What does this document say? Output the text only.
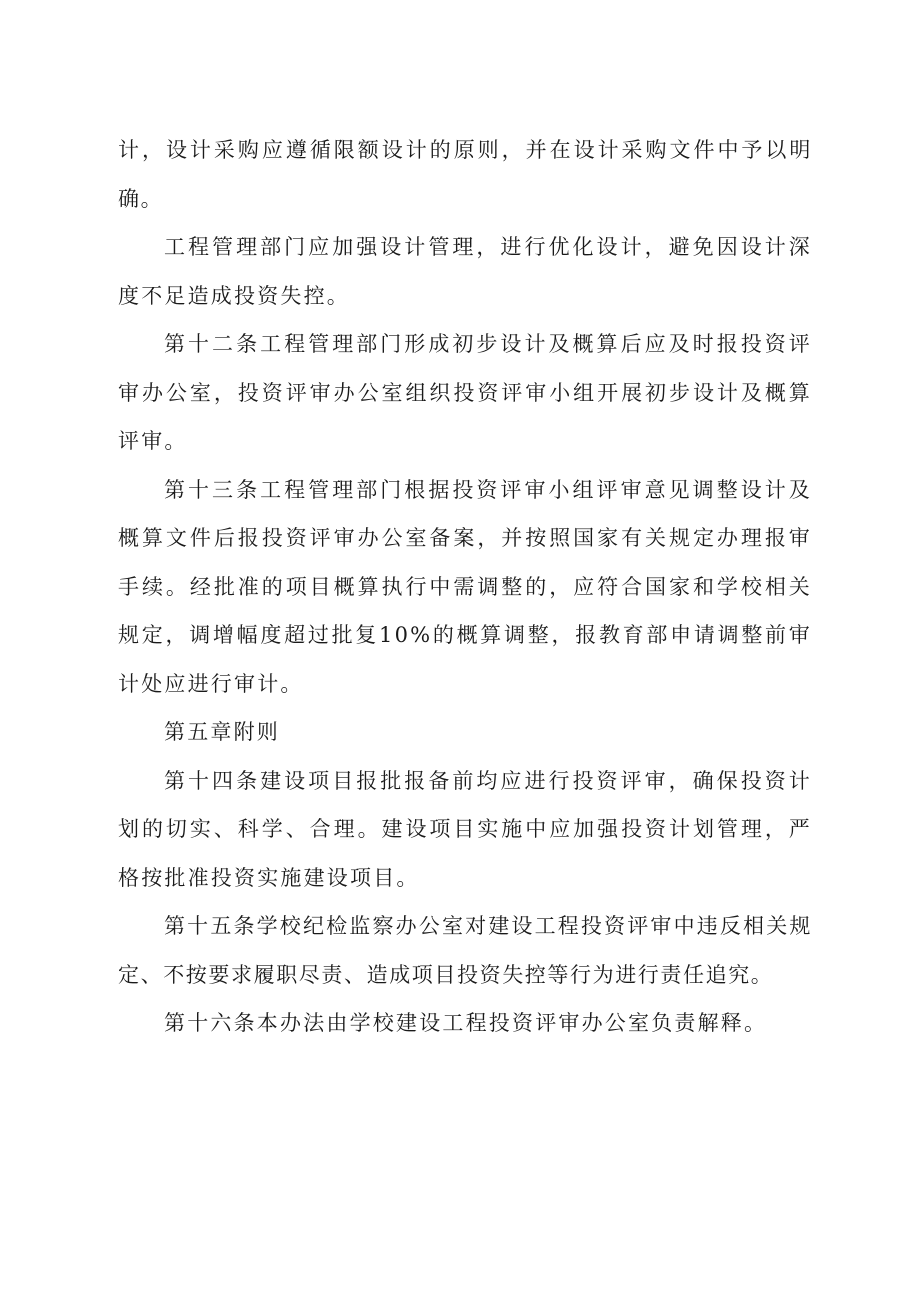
计，设计采购应遵循限额设计的原则，并在设计采购文件中予以明确。

工程管理部门应加强设计管理，进行优化设计，避免因设计深度不足造成投资失控。

第十二条工程管理部门形成初步设计及概算后应及时报投资评审办公室，投资评审办公室组织投资评审小组开展初步设计及概算评审。

第十三条工程管理部门根据投资评审小组评审意见调整设计及概算文件后报投资评审办公室备案，并按照国家有关规定办理报审手续。经批准的项目概算执行中需调整的，应符合国家和学校相关规定，调增幅度超过批复10%的概算调整，报教育部申请调整前审计处应进行审计。

第五章附则

第十四条建设项目报批报备前均应进行投资评审，确保投资计划的切实、科学、合理。建设项目实施中应加强投资计划管理，严格按批准投资实施建设项目。

第十五条学校纪检监察办公室对建设工程投资评审中违反相关规定、不按要求履职尽责、造成项目投资失控等行为进行责任追究。

第十六条本办法由学校建设工程投资评审办公室负责解释。
